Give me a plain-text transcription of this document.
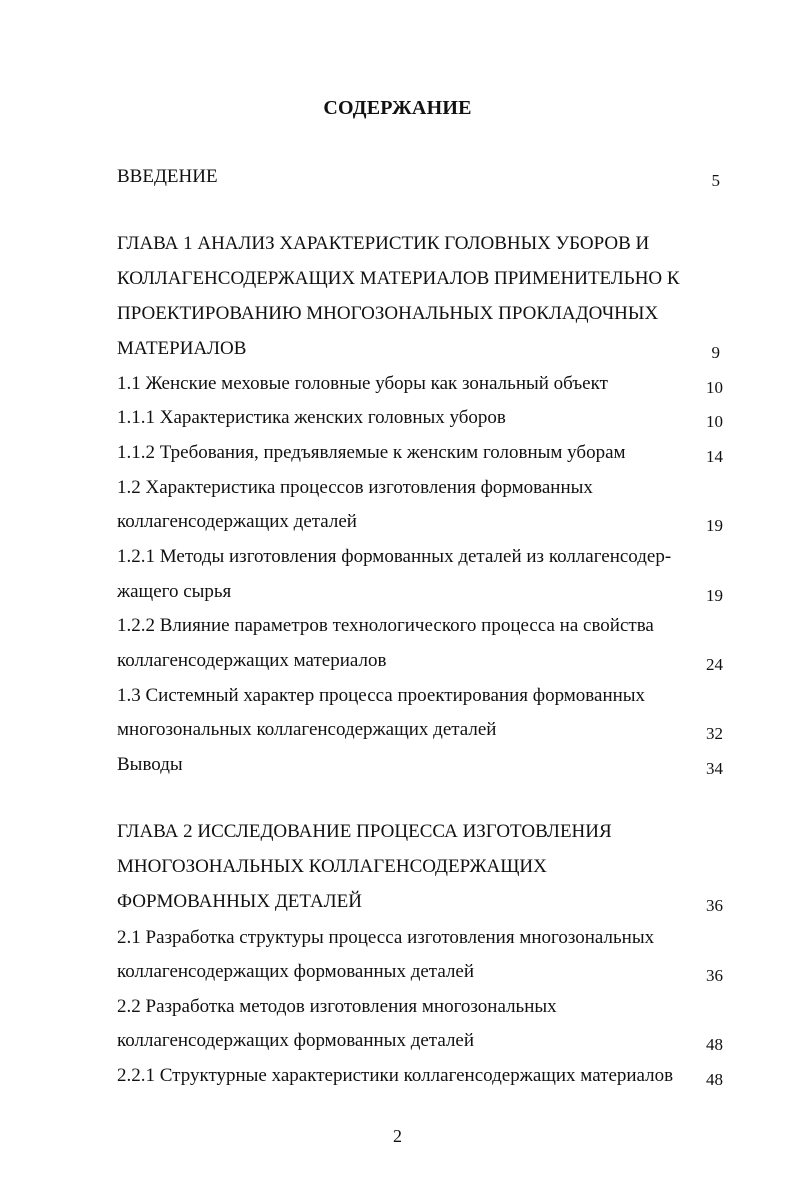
СОДЕРЖАНИЕ
ВВЕДЕНИЕ	5
ГЛАВА 1 АНАЛИЗ ХАРАКТЕРИСТИК ГОЛОВНЫХ УБОРОВ И
КОЛЛАГЕНСОДЕРЖАЩИХ МАТЕРИАЛОВ ПРИМЕНИТЕЛЬНО К
ПРОЕКТИРОВАНИЮ МНОГОЗОНАЛЬНЫХ ПРОКЛАДОЧНЫХ
МАТЕРИАЛОВ	9
1.1 Женские меховые головные уборы как зональный объект	10
1.1.1 Характеристика женских головных уборов	10
1.1.2 Требования, предъявляемые к женским головным уборам	14
1.2 Характеристика процессов изготовления формованных
коллагенсодержащих деталей	19
1.2.1 Методы изготовления формованных деталей из коллагенсодер-
жащего сырья	19
1.2.2 Влияние параметров технологического процесса на свойства
коллагенсодержащих материалов	24
1.3 Системный характер процесса проектирования формованных
многозональных коллагенсодержащих деталей	32
Выводы	34
ГЛАВА 2 ИССЛЕДОВАНИЕ ПРОЦЕССА ИЗГОТОВЛЕНИЯ
МНОГОЗОНАЛЬНЫХ КОЛЛАГЕНСОДЕРЖАЩИХ
ФОРМОВАННЫХ ДЕТАЛЕЙ	36
2.1 Разработка структуры процесса изготовления многозональных
коллагенсодержащих формованных деталей	36
2.2 Разработка методов изготовления многозональных
коллагенсодержащих формованных деталей	48
2.2.1 Структурные характеристики коллагенсодержащих материалов	48
2
